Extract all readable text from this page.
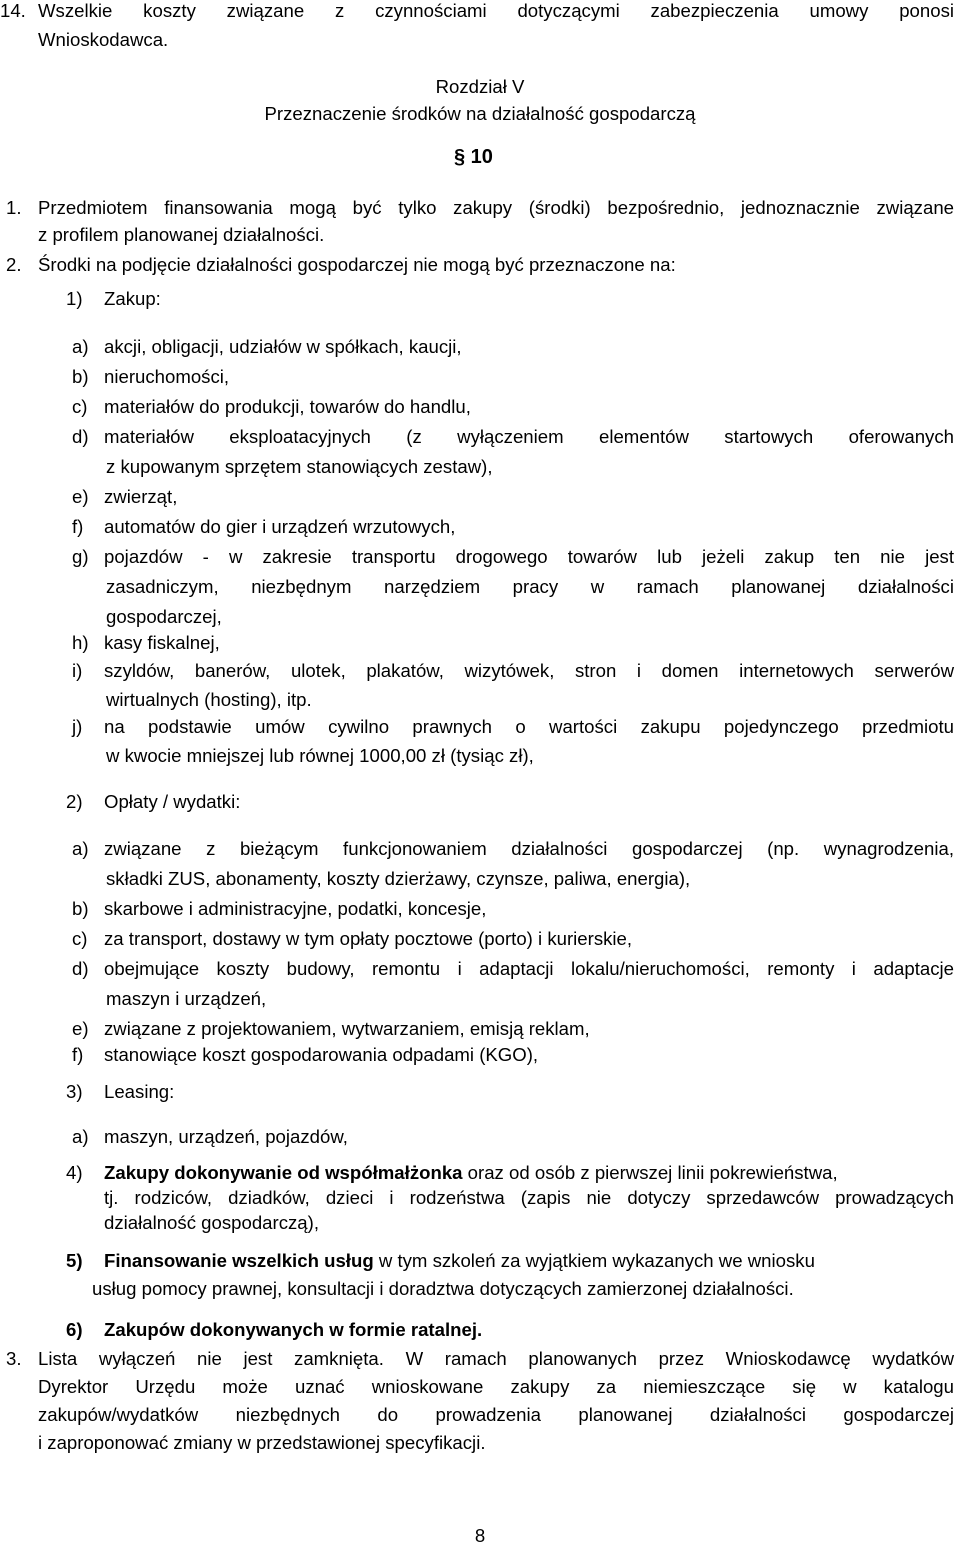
14. Wszelkie koszty związane z czynnościami dotyczącymi zabezpieczenia umowy ponosi
Wnioskodawca.
Rozdział V
Przeznaczenie środków na działalność gospodarczą
§ 10
1. Przedmiotem finansowania mogą być tylko zakupy (środki) bezpośrednio, jednoznacznie związane
z profilem planowanej działalności.
2. Środki na podjęcie działalności gospodarczej nie mogą być przeznaczone na:
1) Zakup:
a) akcji, obligacji, udziałów w spółkach, kaucji,
b) nieruchomości,
c) materiałów do produkcji, towarów do handlu,
d) materiałów eksploatacyjnych (z wyłączeniem elementów startowych oferowanych
z kupowanym sprzętem stanowiących zestaw),
e) zwierząt,
f) automatów do gier i urządzeń wrzutowych,
g) pojazdów - w zakresie transportu drogowego towarów lub jeżeli zakup ten nie jest
zasadniczym, niezbędnym narzędziem pracy w ramach planowanej działalności
gospodarczej,
h) kasy fiskalnej,
i) szyldów, banerów, ulotek, plakatów, wizytówek, stron i domen internetowych serwerów
wirtualnych (hosting), itp.
j) na podstawie umów cywilno prawnych o wartości zakupu pojedynczego przedmiotu
w kwocie mniejszej lub równej 1000,00 zł (tysiąc zł),
2) Opłaty / wydatki:
a) związane z bieżącym funkcjonowaniem działalności gospodarczej (np. wynagrodzenia,
składki ZUS, abonamenty, koszty dzierżawy, czynsze, paliwa, energia),
b) skarbowe i administracyjne, podatki, koncesje,
c) za transport, dostawy w tym opłaty pocztowe (porto) i kurierskie,
d) obejmujące koszty budowy, remontu i adaptacji lokalu/nieruchomości, remonty i adaptacje
maszyn i urządzeń,
e) związane z projektowaniem, wytwarzaniem, emisją reklam,
f) stanowiące koszt gospodarowania odpadami (KGO),
3) Leasing:
a) maszyn, urządzeń, pojazdów,
4) Zakupy dokonywanie od współmałżonka oraz od osób z pierwszej linii pokrewieństwa,
tj. rodziców, dziadków, dzieci i rodzeństwa (zapis nie dotyczy sprzedawców prowadzących
działalność gospodarczą),
5) Finansowanie wszelkich usług w tym szkoleń za wyjątkiem wykazanych we wniosku
usług pomocy prawnej, konsultacji i doradztwa dotyczących zamierzonej działalności.
6) Zakupów dokonywanych w formie ratalnej.
3. Lista wyłączeń nie jest zamknięta. W ramach planowanych przez Wnioskodawcę wydatków
Dyrektor Urzędu może uznać wnioskowane zakupy za niemieszczące się w katalogu
zakupów/wydatków niezbędnych do prowadzenia planowanej działalności gospodarczej
i zaproponować zmiany w przedstawionej specyfikacji.
8
